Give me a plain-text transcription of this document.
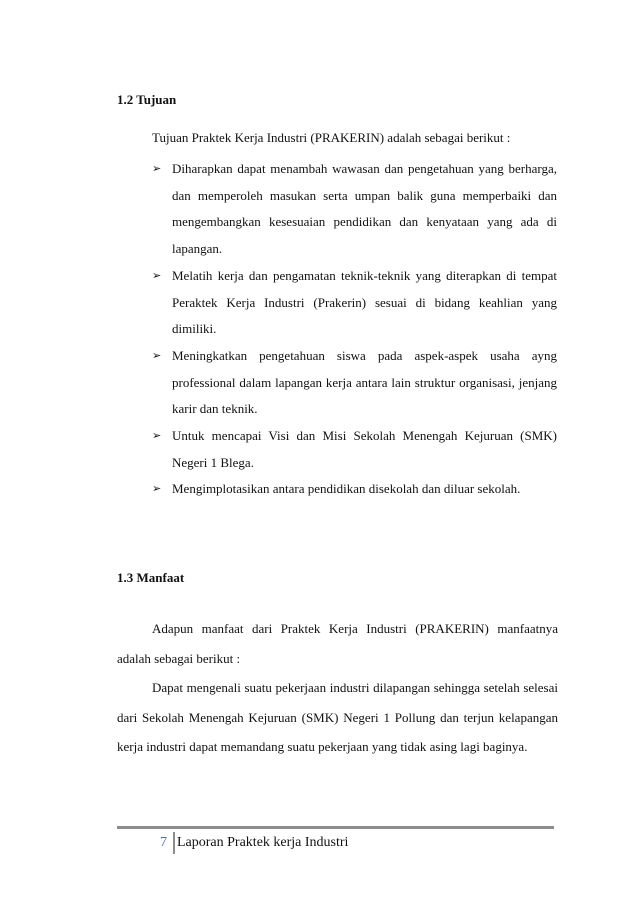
1.2 Tujuan

Tujuan Praktek Kerja Industri (PRAKERIN) adalah sebagai berikut :

➢ Diharapkan dapat menambah wawasan dan pengetahuan yang berharga, dan memperoleh masukan serta umpan balik guna memperbaiki dan mengembangkan kesesuaian pendidikan dan kenyataan yang ada di lapangan.
➢ Melatih kerja dan pengamatan teknik-teknik yang diterapkan di tempat Peraktek Kerja Industri (Prakerin) sesuai di bidang keahlian yang dimiliki.
➢ Meningkatkan pengetahuan siswa pada aspek-aspek usaha ayng professional dalam lapangan kerja antara lain struktur organisasi, jenjang karir dan teknik.
➢ Untuk mencapai Visi dan Misi Sekolah Menengah Kejuruan (SMK) Negeri 1 Blega.
➢ Mengimplotasikan antara pendidikan disekolah dan diluar sekolah.
1.3 Manfaat

Adapun manfaat dari Praktek Kerja Industri (PRAKERIN) manfaatnya adalah sebagai berikut :

Dapat mengenali suatu pekerjaan industri dilapangan sehingga setelah selesai dari Sekolah Menengah Kejuruan (SMK) Negeri 1 Pollung dan terjun kelapangan kerja industri dapat memandang suatu pekerjaan yang tidak asing lagi baginya.

7 Laporan Praktek kerja Industri
